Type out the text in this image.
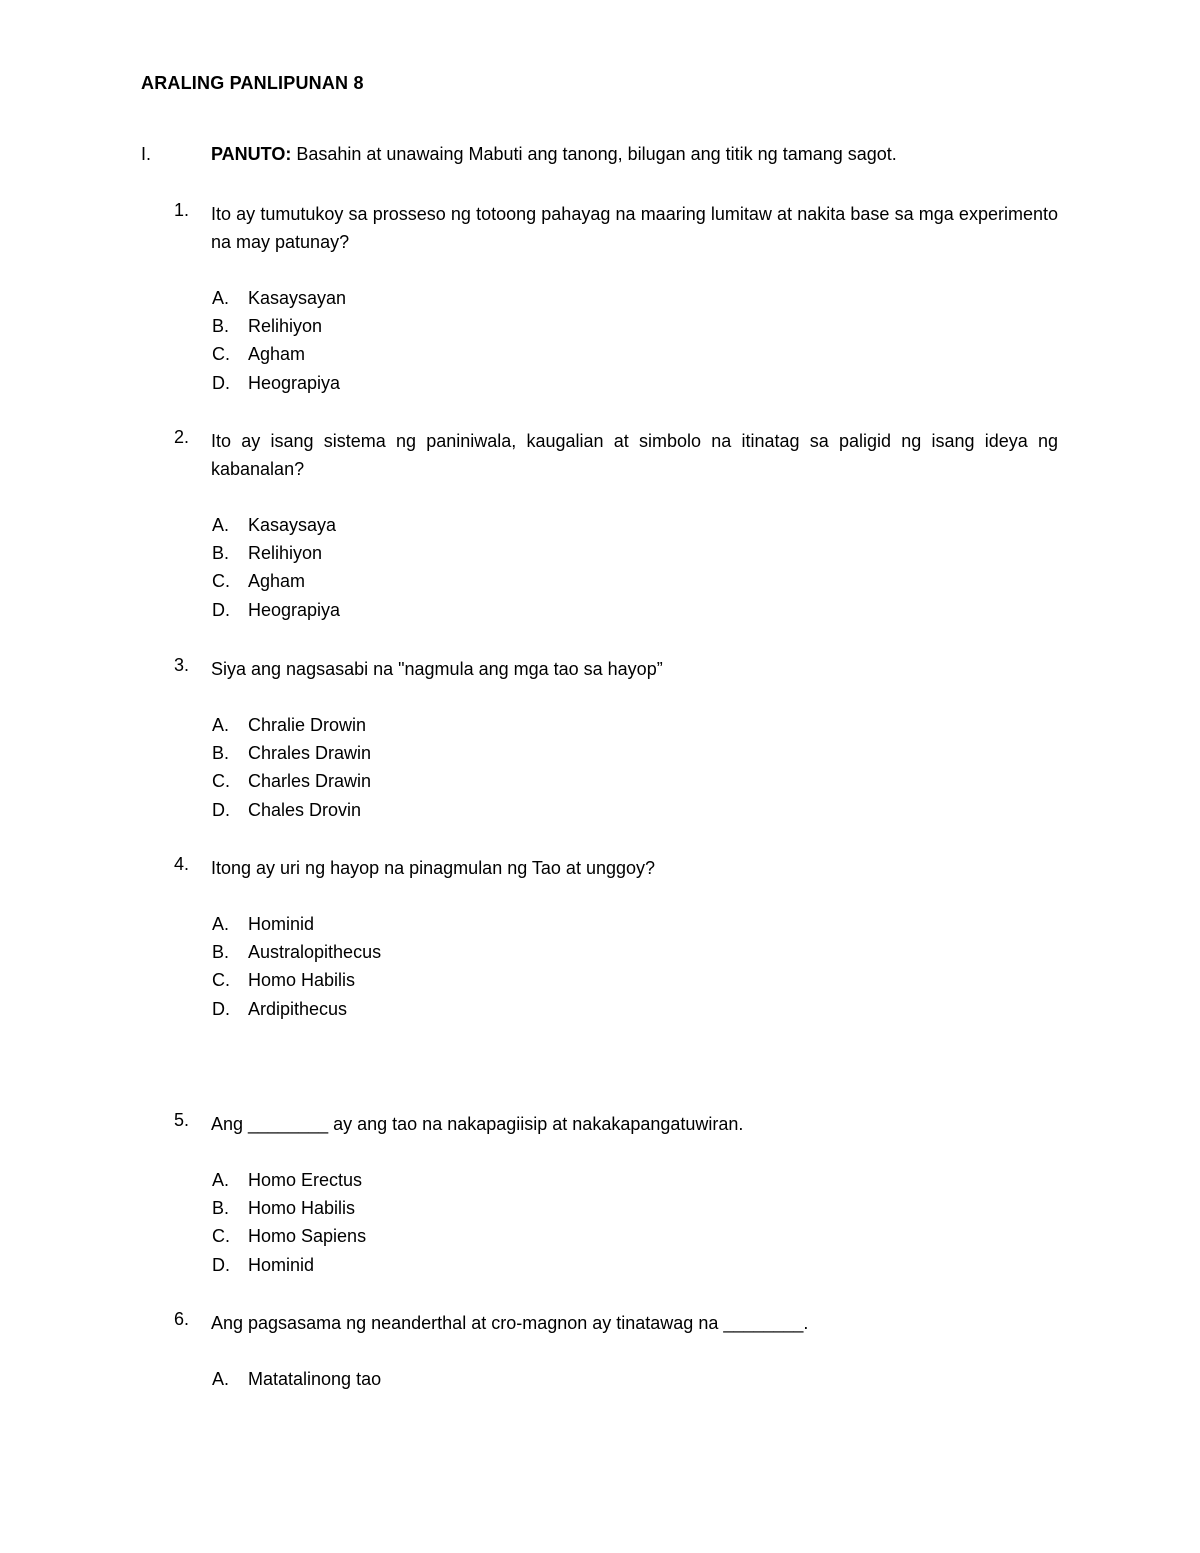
ARALING PANLIPUNAN 8
I.	PANUTO: Basahin at unawaing Mabuti ang tanong, bilugan ang titik ng tamang sagot.
1. Ito ay tumutukoy sa prosseso ng totoong pahayag na maaring lumitaw at nakita base sa mga experimento na may patunay?
A. Kasaysayan
B. Relihiyon
C. Agham
D. Heograpiya
2. Ito ay isang sistema ng paniniwala, kaugalian at simbolo na itinatag sa paligid ng isang ideya ng kabanalan?
A. Kasaysaya
B. Relihiyon
C. Agham
D. Heograpiya
3. Siya ang nagsasabi na "nagmula ang mga tao sa hayop”
A. Chralie Drowin
B. Chrales Drawin
C. Charles Drawin
D. Chales Drovin
4. Itong ay uri ng hayop na pinagmulan ng Tao at unggoy?
A. Hominid
B. Australopithecus
C. Homo Habilis
D. Ardipithecus
5. Ang ________ ay ang tao na nakapagiisip at nakakapangatuwiran.
A. Homo Erectus
B. Homo Habilis
C. Homo Sapiens
D. Hominid
6. Ang pagsasama ng neanderthal at cro-magnon ay tinatawag na ________.
A. Matatalinong tao
